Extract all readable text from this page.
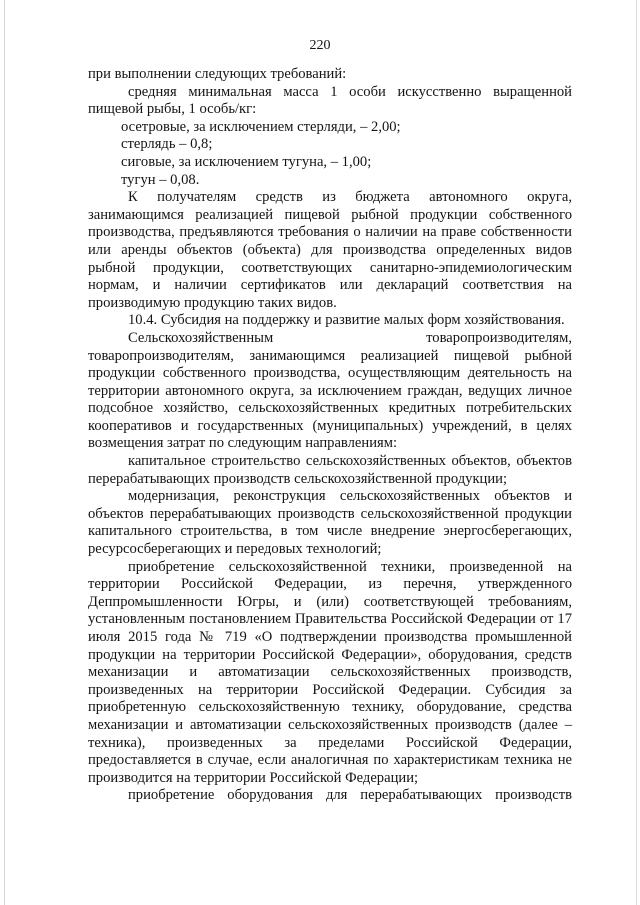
220

при выполнении следующих требований:

средняя минимальная масса 1 особи искусственно выращенной пищевой рыбы, 1 особь/кг:

осетровые, за исключением стерляди, – 2,00;

стерлядь – 0,8;

сиговые, за исключением тугуна, – 1,00;

тугун – 0,08.

К получателям средств из бюджета автономного округа, занимающимся реализацией пищевой рыбной продукции собственного производства, предъявляются требования о наличии на праве собственности или аренды объектов (объекта) для производства определенных видов рыбной продукции, соответствующих санитарно-эпидемиологическим нормам, и наличии сертификатов или деклараций соответствия на производимую продукцию таких видов.

10.4. Субсидия на поддержку и развитие малых форм хозяйствования.

Сельскохозяйственным товаропроизводителям, товаропроизводителям, занимающимся реализацией пищевой рыбной продукции собственного производства, осуществляющим деятельность на территории автономного округа, за исключением граждан, ведущих личное подсобное хозяйство, сельскохозяйственных кредитных потребительских кооперативов и государственных (муниципальных) учреждений, в целях возмещения затрат по следующим направлениям:

капитальное строительство сельскохозяйственных объектов, объектов перерабатывающих производств сельскохозяйственной продукции;

модернизация, реконструкция сельскохозяйственных объектов и объектов перерабатывающих производств сельскохозяйственной продукции капитального строительства, в том числе внедрение энергосберегающих, ресурсосберегающих и передовых технологий;

приобретение сельскохозяйственной техники, произведенной на территории Российской Федерации, из перечня, утвержденного Деппромышленности Югры, и (или) соответствующей требованиям, установленным постановлением Правительства Российской Федерации от 17 июля 2015 года № 719 «О подтверждении производства промышленной продукции на территории Российской Федерации», оборудования, средств механизации и автоматизации сельскохозяйственных производств, произведенных на территории Российской Федерации. Субсидия за приобретенную сельскохозяйственную технику, оборудование, средства механизации и автоматизации сельскохозяйственных производств (далее – техника), произведенных за пределами Российской Федерации, предоставляется в случае, если аналогичная по характеристикам техника не производится на территории Российской Федерации;

приобретение оборудования для перерабатывающих производств
